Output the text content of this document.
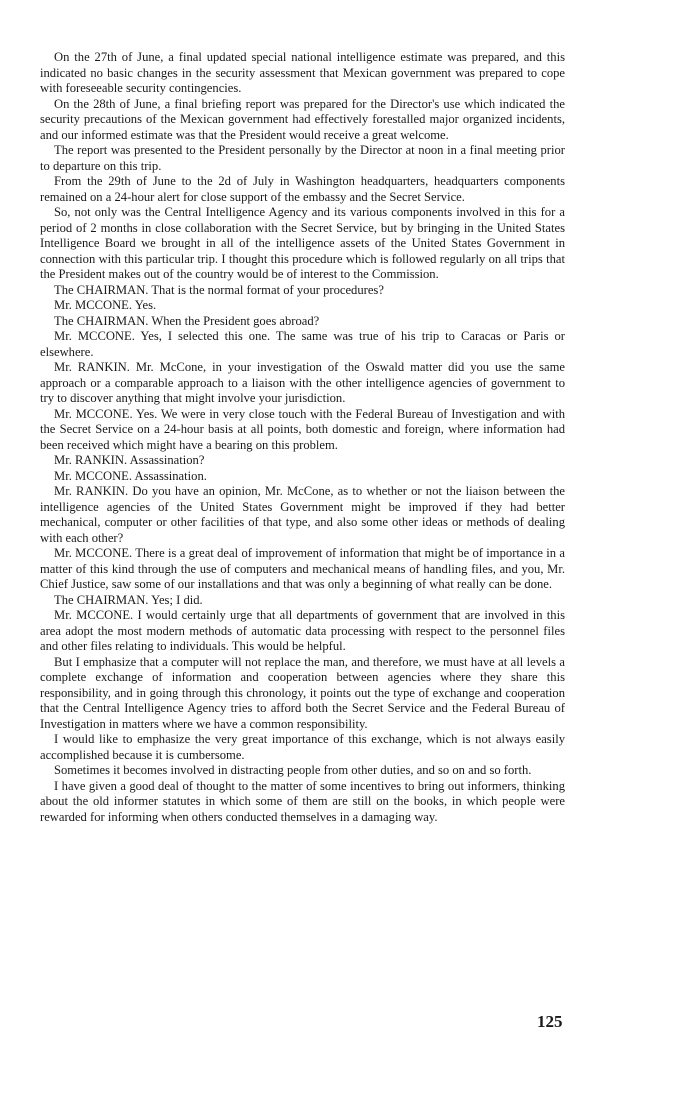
On the 27th of June, a final updated special national intelligence estimate was prepared, and this indicated no basic changes in the security assessment that Mexican government was prepared to cope with foreseeable security contingencies.

On the 28th of June, a final briefing report was prepared for the Director's use which indicated the security precautions of the Mexican government had effectively forestalled major organized incidents, and our informed estimate was that the President would receive a great welcome.

The report was presented to the President personally by the Director at noon in a final meeting prior to departure on this trip.

From the 29th of June to the 2d of July in Washington headquarters, headquarters components remained on a 24-hour alert for close support of the embassy and the Secret Service.

So, not only was the Central Intelligence Agency and its various components involved in this for a period of 2 months in close collaboration with the Secret Service, but by bringing in the United States Intelligence Board we brought in all of the intelligence assets of the United States Government in connection with this particular trip. I thought this procedure which is followed regularly on all trips that the President makes out of the country would be of interest to the Commission.

The CHAIRMAN. That is the normal format of your procedures?

Mr. MCCONE. Yes.

The CHAIRMAN. When the President goes abroad?

Mr. MCCONE. Yes, I selected this one. The same was true of his trip to Caracas or Paris or elsewhere.

Mr. RANKIN. Mr. McCone, in your investigation of the Oswald matter did you use the same approach or a comparable approach to a liaison with the other intelligence agencies of government to try to discover anything that might involve your jurisdiction.

Mr. MCCONE. Yes. We were in very close touch with the Federal Bureau of Investigation and with the Secret Service on a 24-hour basis at all points, both domestic and foreign, where information had been received which might have a bearing on this problem.

Mr. RANKIN. Assassination?

Mr. MCCONE. Assassination.

Mr. RANKIN. Do you have an opinion, Mr. McCone, as to whether or not the liaison between the intelligence agencies of the United States Government might be improved if they had better mechanical, computer or other facilities of that type, and also some other ideas or methods of dealing with each other?

Mr. MCCONE. There is a great deal of improvement of information that might be of importance in a matter of this kind through the use of computers and mechanical means of handling files, and you, Mr. Chief Justice, saw some of our installations and that was only a beginning of what really can be done.

The CHAIRMAN. Yes; I did.

Mr. MCCONE. I would certainly urge that all departments of government that are involved in this area adopt the most modern methods of automatic data processing with respect to the personnel files and other files relating to individuals. This would be helpful.

But I emphasize that a computer will not replace the man, and therefore, we must have at all levels a complete exchange of information and cooperation between agencies where they share this responsibility, and in going through this chronology, it points out the type of exchange and cooperation that the Central Intelligence Agency tries to afford both the Secret Service and the Federal Bureau of Investigation in matters where we have a common responsibility.

I would like to emphasize the very great importance of this exchange, which is not always easily accomplished because it is cumbersome.

Sometimes it becomes involved in distracting people from other duties, and so on and so forth.

I have given a good deal of thought to the matter of some incentives to bring out informers, thinking about the old informer statutes in which some of them are still on the books, in which people were rewarded for informing when others conducted themselves in a damaging way.

125
